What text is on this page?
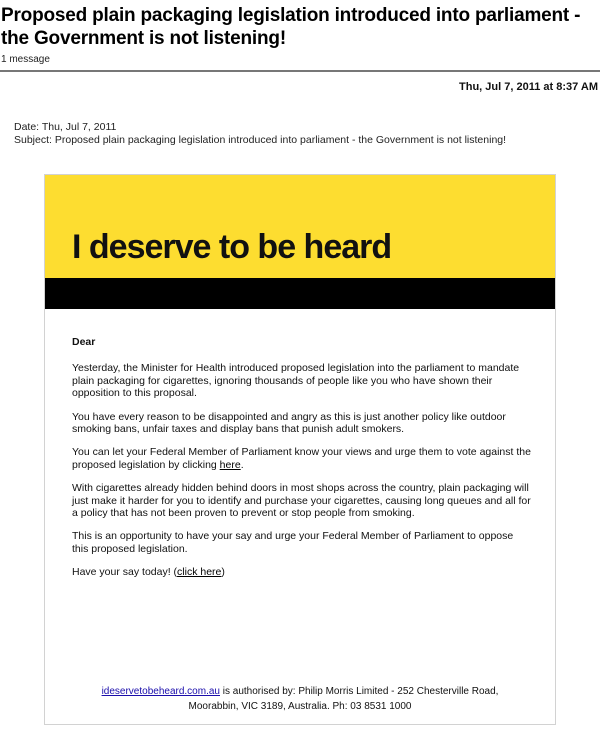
Proposed plain packaging legislation introduced into parliament - the Government is not listening!
1 message
Thu, Jul 7, 2011 at 8:37 AM
Date: Thu, Jul 7, 2011
Subject: Proposed plain packaging legislation introduced into parliament - the Government is not listening!
I deserve to be heard

Dear

Yesterday, the Minister for Health introduced proposed legislation into the parliament to mandate plain packaging for cigarettes, ignoring thousands of people like you who have shown their opposition to this proposal.

You have every reason to be disappointed and angry as this is just another policy like outdoor smoking bans, unfair taxes and display bans that punish adult smokers.

You can let your Federal Member of Parliament know your views and urge them to vote against the proposed legislation by clicking here.

With cigarettes already hidden behind doors in most shops across the country, plain packaging will just make it harder for you to identify and purchase your cigarettes, causing long queues and all for a policy that has not been proven to prevent or stop people from smoking.

This is an opportunity to have your say and urge your Federal Member of Parliament to oppose this proposed legislation.

Have your say today! (click here)

ideservetobeheard.com.au is authorised by: Philip Morris Limited - 252 Chesterville Road,
Moorabbin, VIC 3189, Australia. Ph: 03 8531 1000
